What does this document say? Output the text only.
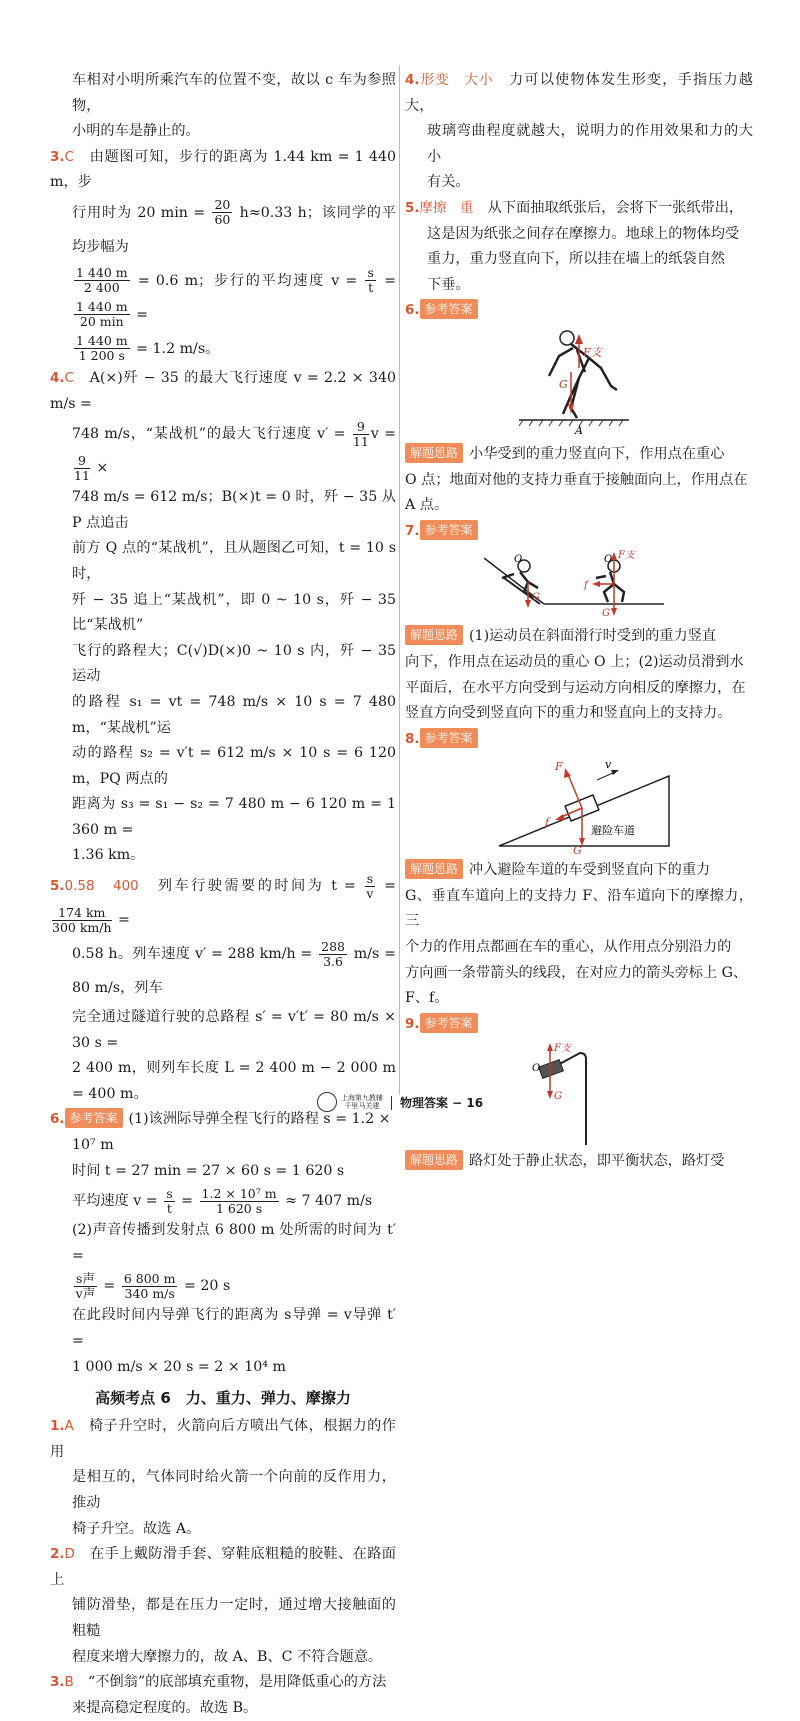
车相对小明所乘汽车的位置不变，故以 c 车为参照物，

小明的车是静止的。

3.C　 由题图可知，步行的距离为 1.44 km = 1 440 m，步

行用时为 20 $\min = \frac{20}{60} h\approx 0.33$ h；该同学的平均步幅为

$\frac{1 440 m}{2 400} = 0.6$ m；步行的平均速度 $v = \frac{s}{t}$ =
$\frac{1 440 m}{20 \min}$ =

$\frac{1 440 m}{1 200 s} = 1.2$ m/s。

4.C　 A(×)歼 − 35 的最大飞行速度 v = 2.2 × 340 m/s =

748 m/s，“某战机”的最大飞行速度 $v' = \frac{9}{11}$ v =
$\frac{9}{11}$ ×

748 m/s = 612 m/s；B(×)t = 0 时，歼 − 35 从 P 点追击

前方 Q 点的“某战机”，且从题图乙可知，t = 10 s 时，

歼 − 35 追上“某战机”，即 0 ~ 10 s，歼 − 35 比“某战机”

飞行的路程大；C(√)D(×)0 ~ 10 s 内，歼 − 35 运动

的路程 s₁ = vt = 748 m/s × 10 s = 7 480 m，“某战机”运

动的路程 s₂ = v′t = 612 m/s × 10 s = 6 120 m，PQ 两点的

距离为 s₃ = s₁ − s₂ = 7 480 m − 6 120 m = 1 360 m =

1.36 km。

5.0.58　400　 列车行驶需要的时间为 $t = \frac{s}{v}$ =
$\frac{174 km}{300 km/h}$ =

0.58 h。列车速度 v′ = 288 $km/h = \frac{288}{3.6} m/s = 80$ m/s，列车

完全通过隧道行驶的总路程 s′ = v′t′ = 80 m/s × 30 s =

2 400 m，则列车长度 L = 2 400 m − 2 000 m = 400 m。

6. 参考答案 (1)该洲际导弹全程飞行的路程 s = 1.2 ×

10⁷ m

时间 t = 27 min = 27 × 60 s = 1 620 s

平均速度 $v = \frac{s}{t} = \frac{\text{1.2 × 10⁷ m}}{1 620 s} \approx 7$ 407 m/s

(2)声音传播到发射点 6 800 m 处所需的时间为 t′ =

$\frac{\text{s声}}{\text{v声}} = \frac{6 800 m}{340 m/s} = 20$ s

在此段时间内导弹飞行的距离为 s导弹 = v导弹 t′ =

1 000 m/s × 20 s = 2 × 10⁴ m

高频考点 6　力、重力、弹力、摩擦力

1.A　 椅子升空时，火箭向后方喷出气体，根据力的作用

是相互的，气体同时给火箭一个向前的反作用力，推动

椅子升空。故选 A。

2.D　 在手上戴防滑手套、穿鞋底粗糙的胶鞋、在路面上

铺防滑垫，都是在压力一定时，通过增大接触面的粗糙

程度来增大摩擦力的，故 A、B、C 不符合题意。

3.B　 “不倒翁”的底部填充重物，是用降低重心的方法

来提高稳定程度的。故选 B。

4.形变　大小　 力可以使物体发生形变，手指压力越大，

玻璃弯曲程度就越大，说明力的作用效果和力的大小

有关。

5.摩擦　重　 从下面抽取纸张后，会将下一张纸带出，

这是因为纸张之间存在摩擦力。地球上的物体均受

重力，重力竖直向下，所以挂在墙上的纸袋自然

下垂。

6. 参考答案

F支
G
A

解题思路 小华受到的重力竖直向下，作用点在重心

O 点；地面对他的支持力垂直于接触面向上，作用点在

A 点。

7. 参考答案

O
G
O F支
f
G

解题思路 (1)运动员在斜面滑行时受到的重力竖直

向下，作用点在运动员的重心 O 上；(2)运动员滑到水

平面后，在水平方向受到与运动方向相反的摩擦力，在

竖直方向受到竖直向下的重力和竖直向上的支持力。

8. 参考答案

F	v
f
G
避险车道

解题思路 冲入避险车道的车受到竖直向下的重力

G、垂直车道向上的支持力 F、沿车道向下的摩擦力，三

个力的作用点都画在车的重心，从作用点分别沿力的

方向画一条带箭头的线段，在对应力的箭头旁标上 G、

F、f。

9. 参考答案

F支
O
G

解题思路 路灯处于静止状态，即平衡状态，路灯受

上海第九教辅
千里马关建 物理答案 − 16
